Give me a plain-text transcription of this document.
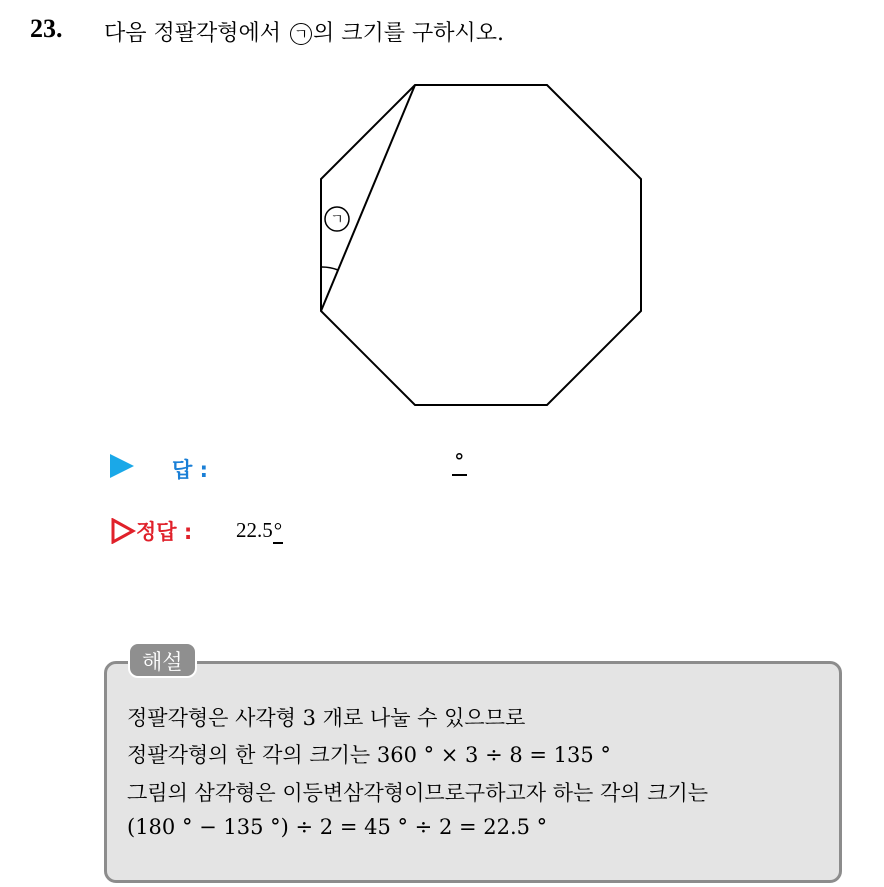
23. 다음 정팔각형에서 ㄱ 의 크기를 구하시오.
ㄱ
답 :	°
정답 : 22.5°
해설
정팔각형은 사각형 3 개로 나눌 수 있으므로
정팔각형의 한 각의 크기는 360 ° × 3 ÷ 8 = 135 °
그림의 삼각형은 이등변삼각형이므로구하고자 하는 각의 크기는
(180 ° − 135 °) ÷ 2 = 45 ° ÷ 2 = 22.5 °
